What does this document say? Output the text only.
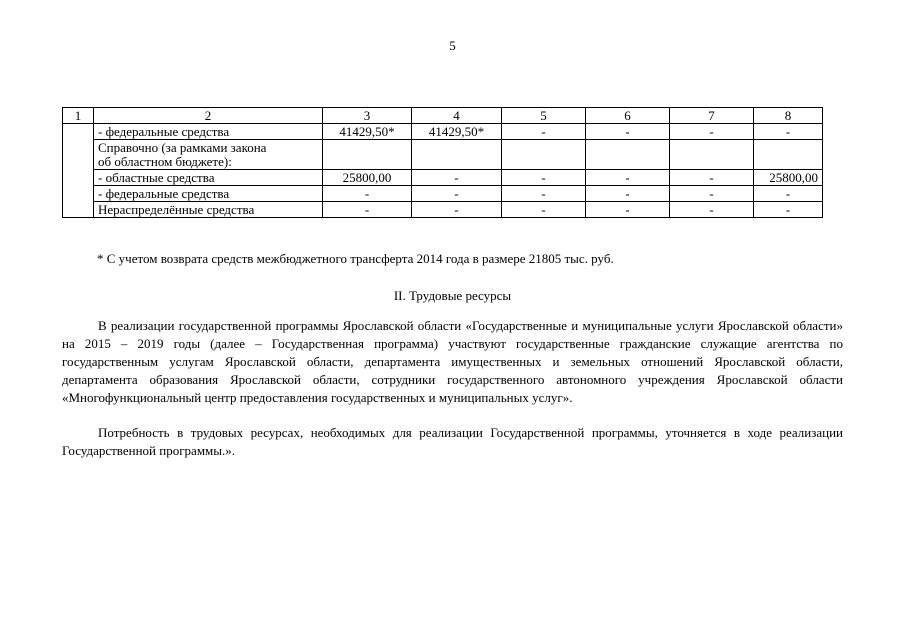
5
1	2	3	4	5	6	7	8
	- федеральные средства	41429,50*	41429,50*	-	-	-	-

	Справочно (за рамками закона
об областном бюджете):						

	- областные средства	25800,00	-	-	-	-	25800,00
	- федеральные средства	-	-	-	-	-	-
	Нераспределённые средства	-	-	-	-	-	-
* С учетом возврата средств межбюджетного трансферта 2014 года в размере 21805 тыс. руб.
II. Трудовые ресурсы

В реализации государственной программы Ярославской области «Государственные и муниципальные услуги Ярославской области» на 2015 – 2019 годы (далее – Государственная программа) участвуют государственные гражданские служащие агентства по государственным услугам Ярославской области, департамента имущественных и земельных отношений Ярославской области, департамента образования Ярославской области, сотрудники государственного автономного учреждения Ярославской области «Многофункциональный центр предоставления государственных и муниципальных услуг».

Потребность в трудовых ресурсах, необходимых для реализации Государственной программы, уточняется в ходе реализации Государственной программы.».
